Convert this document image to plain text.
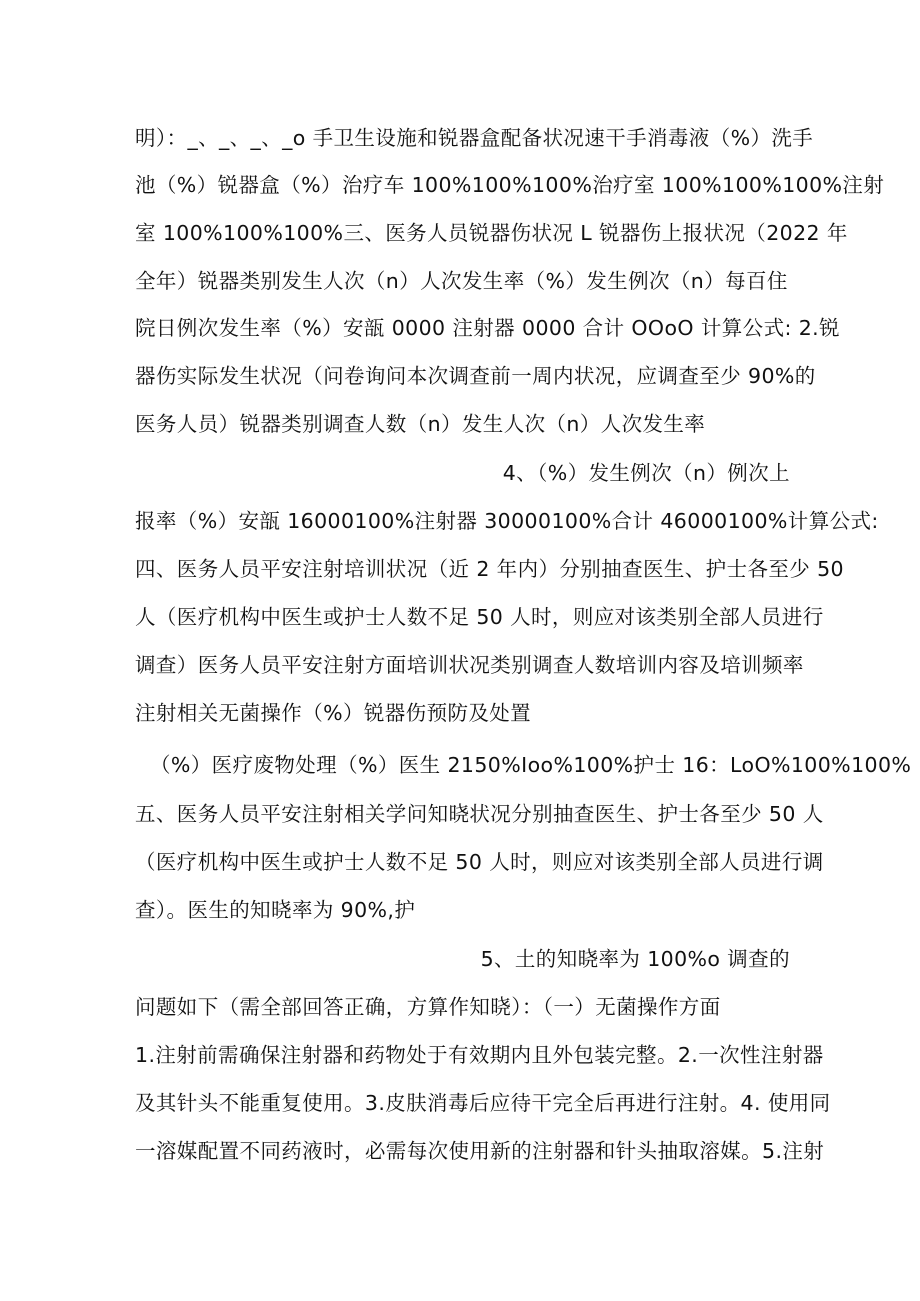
明）：_、_、_、_o 手卫生设施和锐器盒配备状况速干手消毒液（%）洗手
池（%）锐器盒（%）治疗车 100%100%100%治疗室 100%100%100%注射
室 100%100%100%三、医务人员锐器伤状况 L 锐器伤上报状况（2022 年
全年）锐器类别发生人次（n）人次发生率（%）发生例次（n）每百住
院日例次发生率（%）安瓿 0000 注射器 0000 合计 OOoO 计算公式: 2.锐
器伤实际发生状况（问卷询问本次调查前一周内状况，应调查至少 90%的
医务人员）锐器类别调查人数（n）发生人次（n）人次发生率
4、（%）发生例次（n）例次上
报率（%）安瓿 16000100%注射器 30000100%合计 46000100%计算公式:
四、医务人员平安注射培训状况（近 2 年内）分别抽查医生、护士各至少 50
人（医疗机构中医生或护士人数不足 50 人时，则应对该类别全部人员进行
调查）医务人员平安注射方面培训状况类别调查人数培训内容及培训频率
注射相关无菌操作（%）锐器伤预防及处置
（%）医疗废物处理（%）医生 2150%Ioo%100%护士 16：LoO%100%100%
五、医务人员平安注射相关学问知晓状况分别抽查医生、护士各至少 50 人
（医疗机构中医生或护士人数不足 50 人时，则应对该类别全部人员进行调
查）。医生的知晓率为 90%,护
5、土的知晓率为 100%o 调查的
问题如下（需全部回答正确，方算作知晓）：（一）无菌操作方面
1.注射前需确保注射器和药物处于有效期内且外包装完整。2.一次性注射器
及其针头不能重复使用。3.皮肤消毒后应待干完全后再进行注射。4. 使用同
一溶媒配置不同药液时，必需每次使用新的注射器和针头抽取溶媒。5.注射
